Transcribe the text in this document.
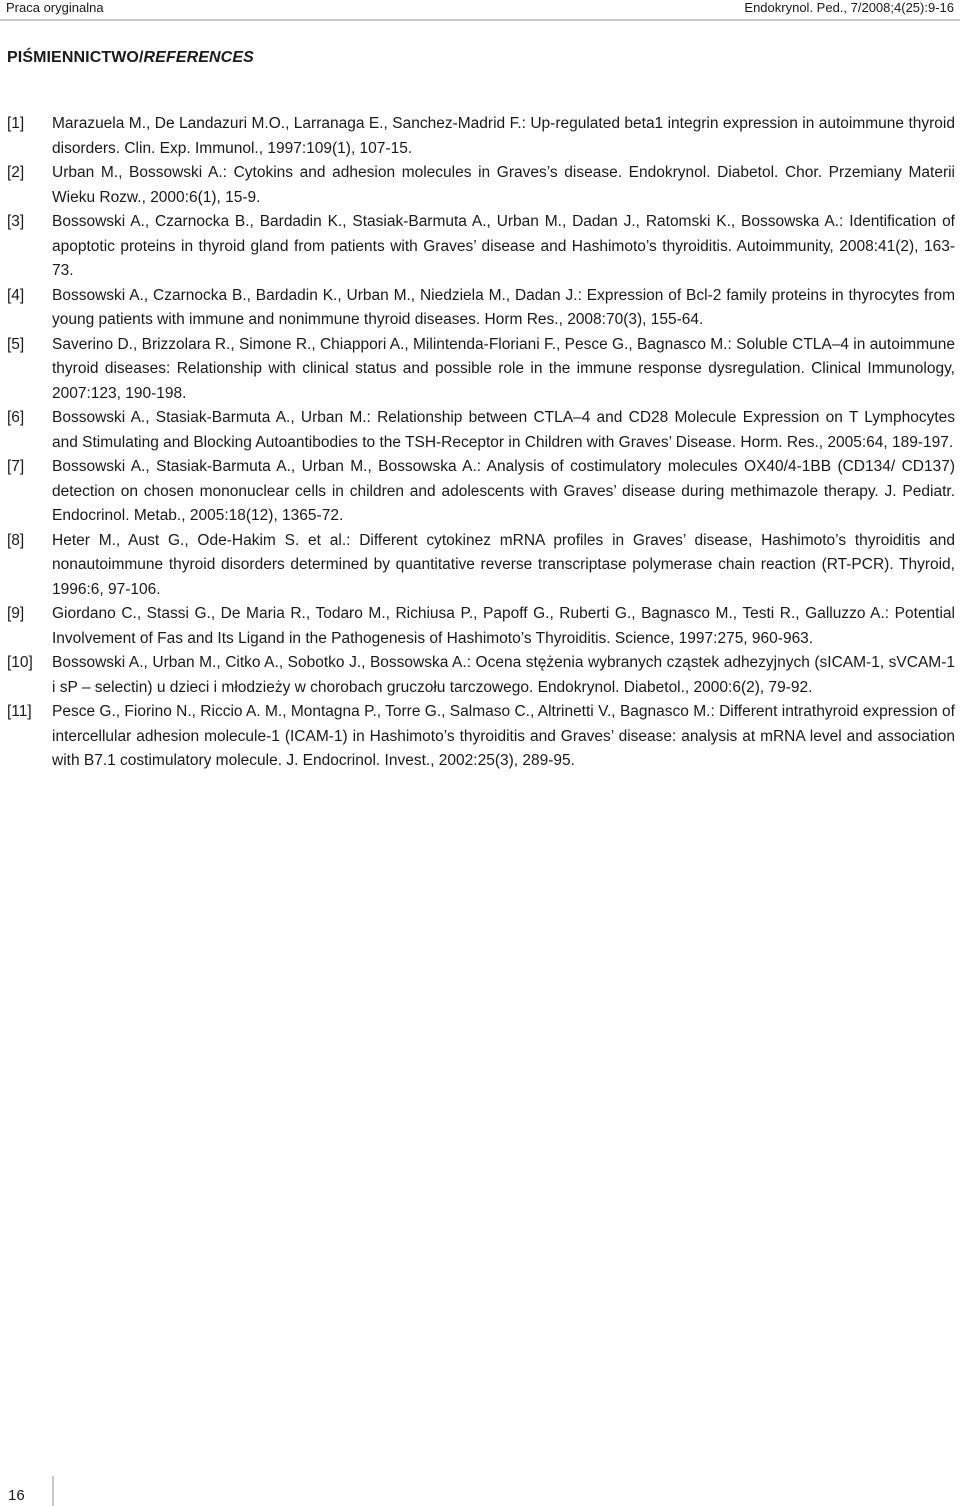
Praca oryginalna	Endokrynol. Ped., 7/2008;4(25):9-16
PIŚMIENNICTWO/REFERENCES
[1] Marazuela M., De Landazuri M.O., Larranaga E., Sanchez-Madrid F.: Up-regulated beta1 integrin expression in autoimmune thyroid disorders. Clin. Exp. Immunol., 1997:109(1), 107-15.
[2] Urban M., Bossowski A.: Cytokins and adhesion molecules in Graves’s disease. Endokrynol. Diabetol. Chor. Przemiany Materii Wieku Rozw., 2000:6(1), 15-9.
[3] Bossowski A., Czarnocka B., Bardadin K., Stasiak-Barmuta A., Urban M., Dadan J., Ratomski K., Bossowska A.: Identification of apoptotic proteins in thyroid gland from patients with Graves’ disease and Hashimoto’s thyroiditis. Autoimmunity, 2008:41(2), 163-73.
[4] Bossowski A., Czarnocka B., Bardadin K., Urban M., Niedziela M., Dadan J.: Expression of Bcl-2 family proteins in thyrocytes from young patients with immune and nonimmune thyroid diseases. Horm Res., 2008:70(3), 155-64.
[5] Saverino D., Brizzolara R., Simone R., Chiappori A., Milintenda-Floriani F., Pesce G., Bagnasco M.: Soluble CTLA–4 in autoimmune thyroid diseases: Relationship with clinical status and possible role in the immune response dysregulation. Clinical Immunology, 2007:123, 190-198.
[6] Bossowski A., Stasiak-Barmuta A., Urban M.: Relationship between CTLA–4 and CD28 Molecule Expression on T Lymphocytes and Stimulating and Blocking Autoantibodies to the TSH-Receptor in Children with Graves’ Disease. Horm. Res., 2005:64, 189-197.
[7] Bossowski A., Stasiak-Barmuta A., Urban M., Bossowska A.: Analysis of costimulatory molecules OX40/4-1BB (CD134/ CD137) detection on chosen mononuclear cells in children and adolescents with Graves’ disease during methimazole therapy. J. Pediatr. Endocrinol. Metab., 2005:18(12), 1365-72.
[8] Heter M., Aust G., Ode-Hakim S. et al.: Different cytokinez mRNA profiles in Graves’ disease, Hashimoto’s thyroiditis and nonautoimmune thyroid disorders determined by quantitative reverse transcriptase polymerase chain reaction (RT-PCR). Thyroid, 1996:6, 97-106.
[9] Giordano C., Stassi G., De Maria R., Todaro M., Richiusa P., Papoff G., Ruberti G., Bagnasco M., Testi R., Galluzzo A.: Potential Involvement of Fas and Its Ligand in the Pathogenesis of Hashimoto’s Thyroiditis. Science, 1997:275, 960-963.
[10] Bossowski A., Urban M., Citko A., Sobotko J., Bossowska A.: Ocena stężenia wybranych cząstek adhezyjnych (sICAM-1, sVCAM-1 i sP – selectin) u dzieci i młodzieży w chorobach gruczołu tarczowego. Endokrynol. Diabetol., 2000:6(2), 79-92.
[11] Pesce G., Fiorino N., Riccio A. M., Montagna P., Torre G., Salmaso C., Altrinetti V., Bagnasco M.: Different intrathyroid expression of intercellular adhesion molecule-1 (ICAM-1) in Hashimoto’s thyroiditis and Graves’ disease: analysis at mRNA level and association with B7.1 costimulatory molecule. J. Endocrinol. Invest., 2002:25(3), 289-95.
16
